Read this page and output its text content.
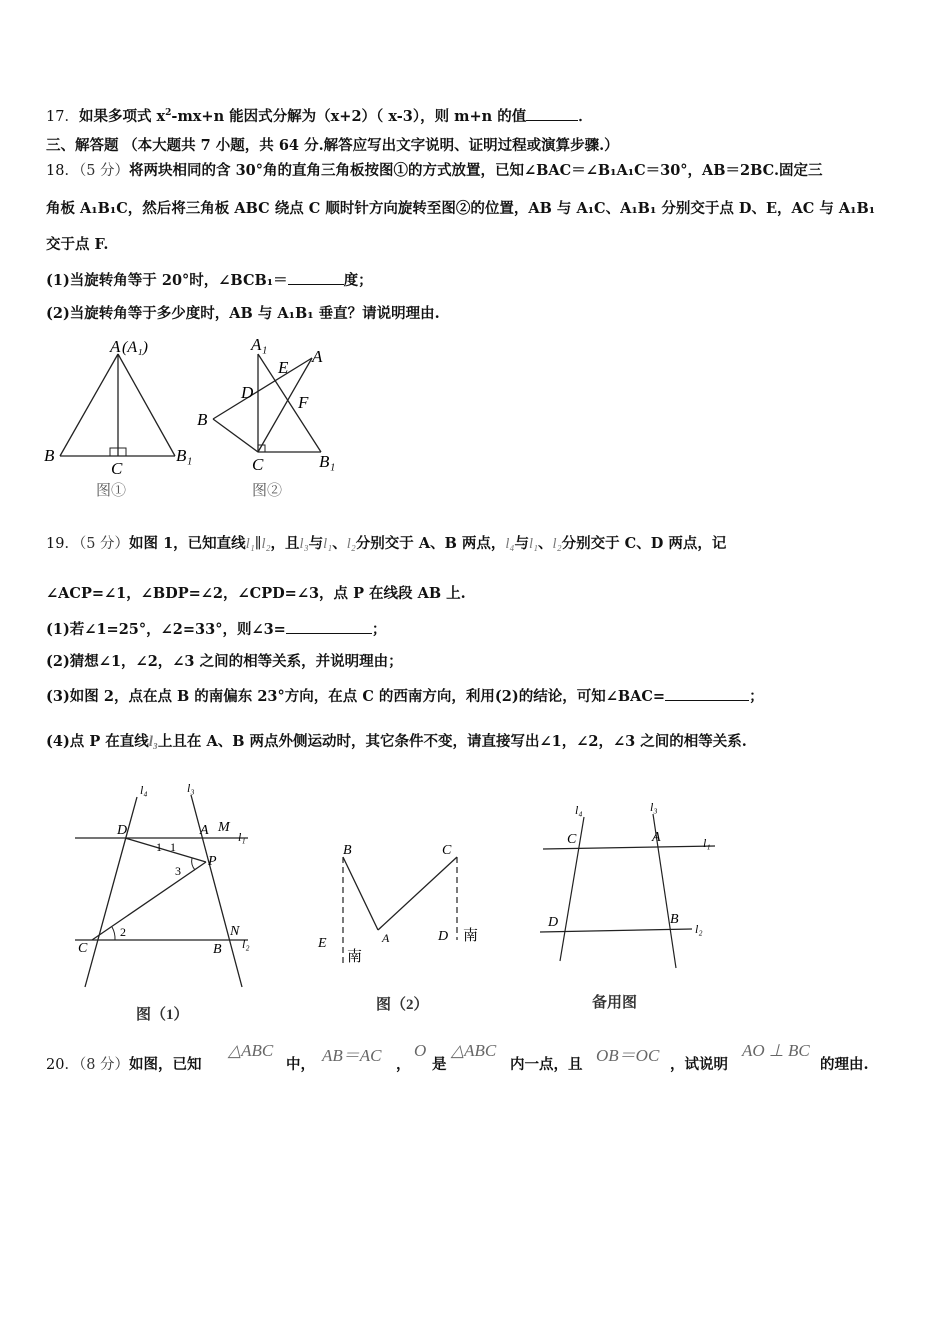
17．如果多项式 $x^2-mx+n$ 能因式分解为（x+2）（ x-3），则 m+n 的值	．
三、解答题 （本大题共 7 小题，共 64 分.解答应写出文字说明、证明过程或演算步骤.）
18．（5 分）将两块相同的含 30°角的直角三角板按图①的方式放置，已知∠BAC＝∠B₁A₁C＝30°，AB＝2BC.固定三
角板 A₁B₁C，然后将三角板 ABC 绕点 C 顺时针方向旋转至图②的位置，AB 与 A₁C、A₁B₁ 分别交于点 D、E，AC 与 A₁B₁
交于点 F.
(1)当旋转角等于 20°时，∠BCB₁＝	度；
(2)当旋转角等于多少度时，AB 与 A₁B₁ 垂直？请说明理由.
A (A₁)
B
C
B₁
图①
A₁
A
E
D
F
B
C	B₁
图②
19．（5 分）如图 1，已知直线l₁∥l₂，且l₃与l₁、l₂分别交于 A、B 两点，l₄与l₁、l₂分别交于 C、D 两点，记
∠ACP=∠1，∠BDP=∠2，∠CPD=∠3，点 P 在线段 AB 上.
(1)若∠1=25°，∠2=33°，则∠3=	；
(2)猜想∠1，∠2，∠3 之间的相等关系，并说明理由；
(3)如图 2，点在点 B 的南偏东 23°方向，在点 C 的西南方向，利用(2)的结论，可知∠BAC=	；
(4)点 P 在直线l₃上且在 A、B 两点外侧运动时，其它条件不变，请直接写出∠1，∠2，∠3 之间的相等关系.
l₄	l₃
D	A M
l₁
1 1
P
3
2
C	B
N
l₂
图（1）
B	C
A
E
南
D 南
图（2）
l₄	l₃
C	A	l₁
D	B
l₂
备用图
20．（8 分）如图，已知
△ABC
中， AB＝AC ，
O
是
△ABC
内一点，且 OB＝OC ，试说明
AO ⊥ BC
的理由.
